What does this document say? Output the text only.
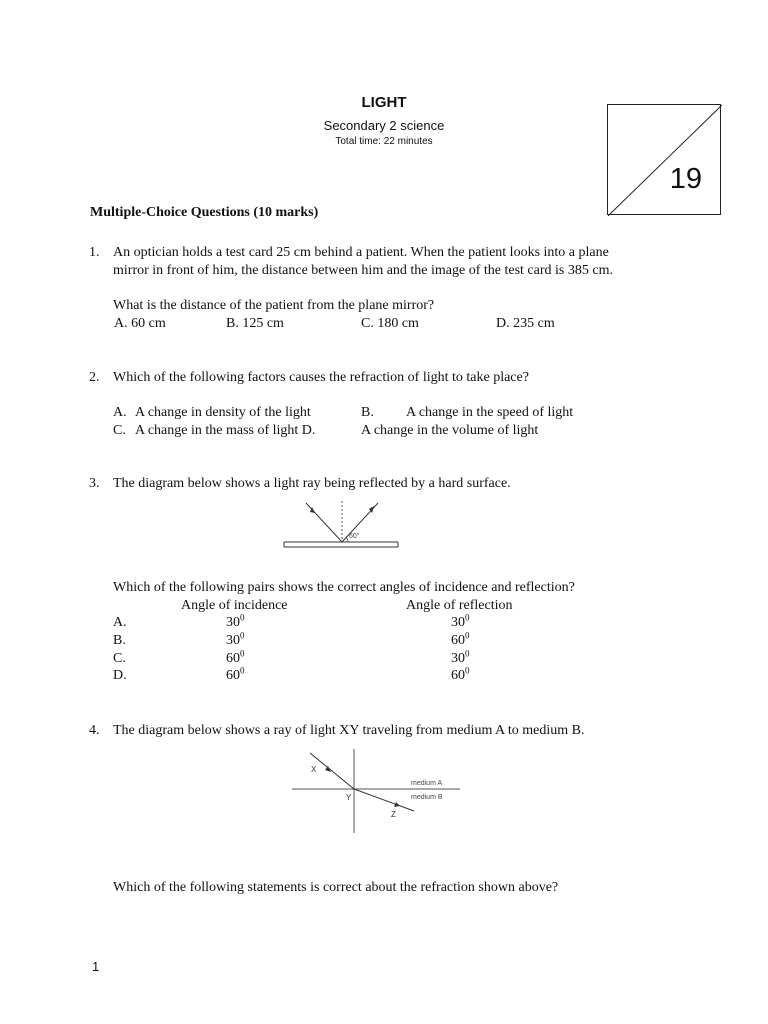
LIGHT
Secondary 2 science
Total time: 22 minutes
19
Multiple-Choice Questions (10 marks)
1. An optician holds a test card 25 cm behind a patient. When the patient looks into a plane
mirror in front of him, the distance between him and the image of the test card is 385 cm.
What is the distance of the patient from the plane mirror?
A. 60 cm	B. 125 cm	C. 180 cm	D. 235 cm
2. Which of the following factors causes the refraction of light to take place?
A. A change in density of the light	B. A change in the speed of light
C. A change in the mass of light D.	A change in the volume of light
3. The diagram below shows a light ray being reflected by a hard surface.
60°
Which of the following pairs shows the correct angles of incidence and reflection?
Angle of incidence	Angle of reflection
A.	$30^0$	$30^0$
B.	$30^0$	$60^0$
C.	$60^0$	$30^0$
D.	$60^0$	$60^0$
4. The diagram below shows a ray of light XY traveling from medium A to medium B.
X
Y
Z
medium A
medium B
Which of the following statements is correct about the refraction shown above?
1
